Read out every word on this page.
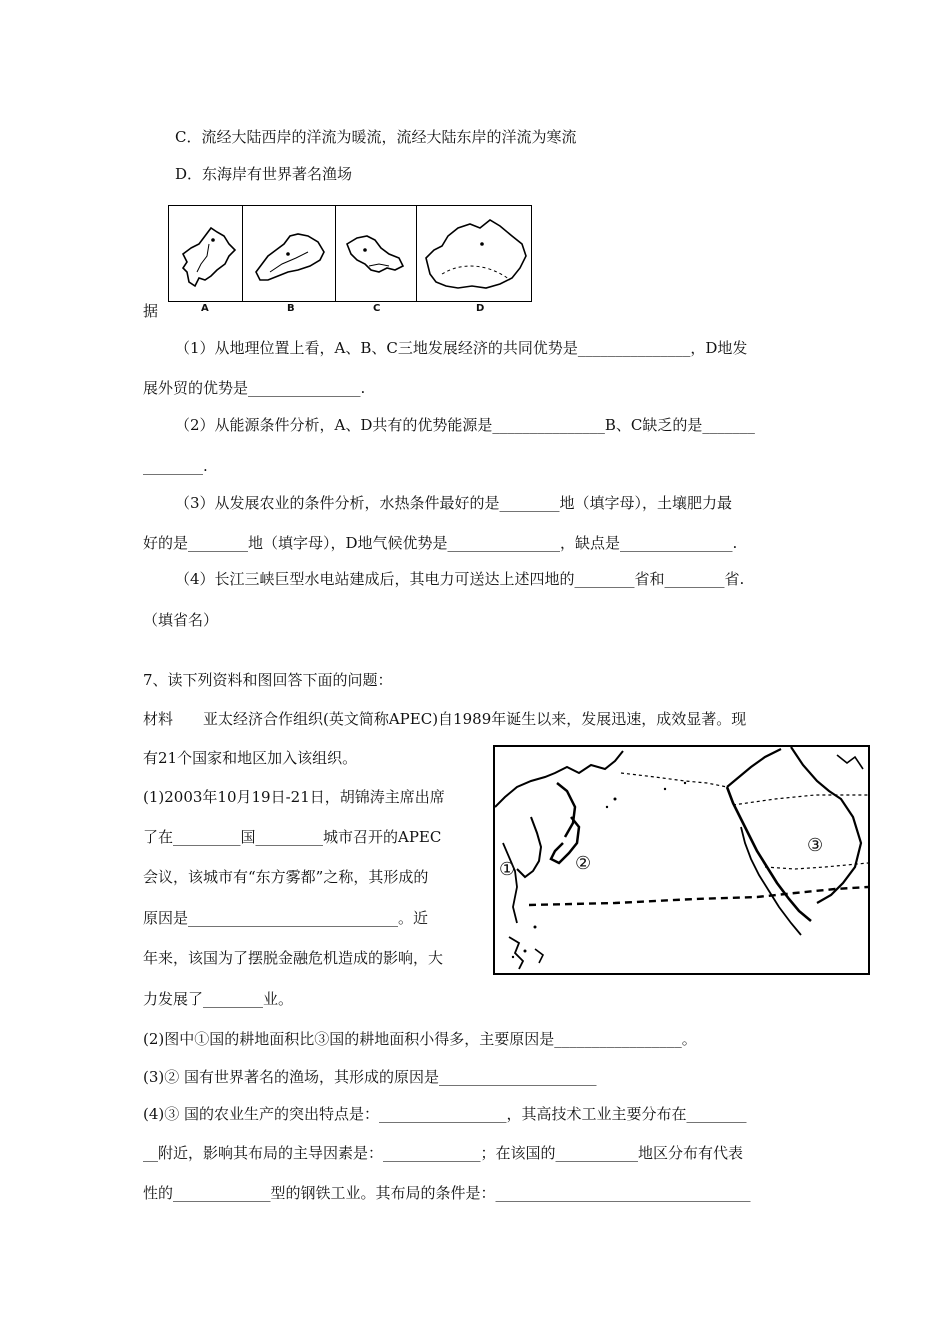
C．流经大陆西岸的洋流为暖流，流经大陆东岸的洋流为寒流
D．东海岸有世界著名渔场
A	B	C	D
据
（1）从地理位置上看，A、B、C三地发展经济的共同优势是_______________，D地发
展外贸的优势是_______________.
（2）从能源条件分析，A、D共有的优势能源是_______________B、C缺乏的是_______
________.
（3）从发展农业的条件分析，水热条件最好的是________地（填字母），土壤肥力最
好的是________地（填字母），D地气候优势是_______________，缺点是_______________.
（4）长江三峡巨型水电站建成后，其电力可送达上述四地的________省和________省.
（填省名）
7、读下列资料和图回答下面的问题：
材料　　亚太经济合作组织(英文简称APEC)自1989年诞生以来，发展迅速，成效显著。现
有21个国家和地区加入该组织。
(1)2003年10月19日-21日，胡锦涛主席出席
了在_________国_________城市召开的APEC
会议，该城市有“东方雾都”之称，其形成的
原因是____________________________。近
年来，该国为了摆脱金融危机造成的影响，大
力发展了________业。
①	②
③
(2)图中①国的耕地面积比③国的耕地面积小得多，主要原因是_________________。
(3)② 国有世界著名的渔场，其形成的原因是_____________________
(4)③ 国的农业生产的突出特点是：_________________，其高技术工业主要分布在________
__附近，影响其布局的主导因素是：_____________；在该国的___________地区分布有代表
性的_____________型的钢铁工业。其布局的条件是：__________________________________
